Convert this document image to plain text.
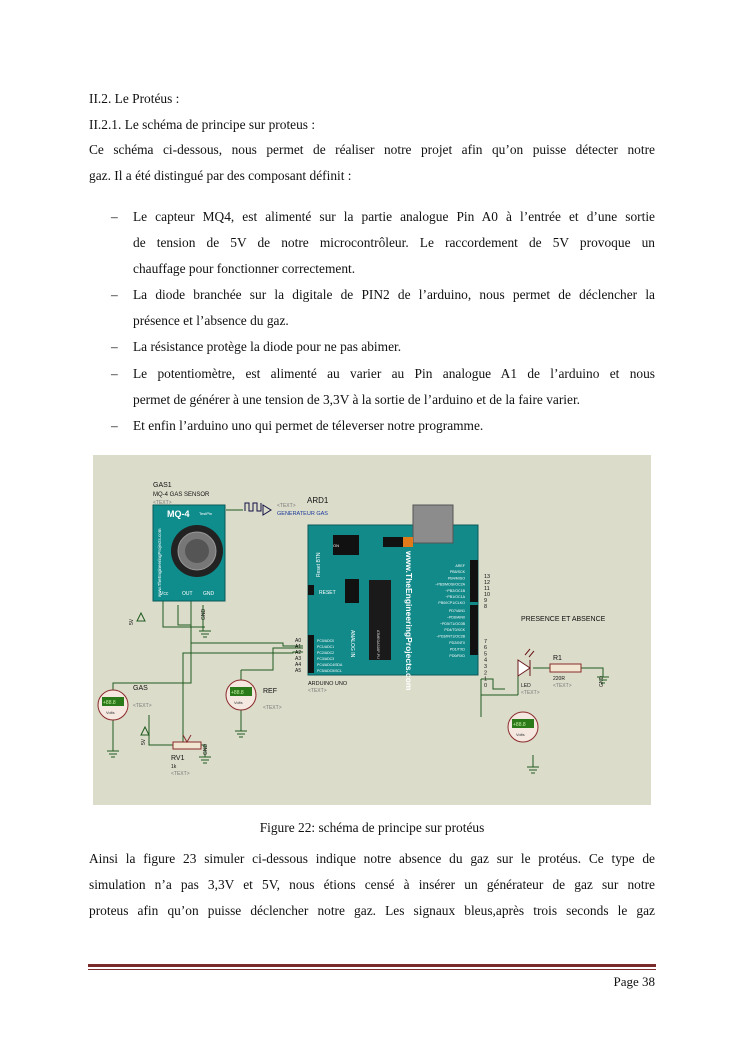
II.2. Le Protéus :
II.2.1. Le schéma de principe sur proteus :
Ce schéma ci-dessous, nous permet de réaliser notre projet afin qu’on puisse détecter notre
gaz. Il a été distingué par des composant définit :
– Le capteur MQ4, est alimenté sur la partie analogue Pin A0 à l’entrée et d’une sortie
de tension de 5V de notre microcontrôleur. Le raccordement de 5V provoque un
chauffage pour fonctionner correctement.
– La diode branchée sur la digitale de PIN2 de l’arduino, nous permet de déclencher la
présence et l’absence du gaz.
– La résistance protège la diode pour ne pas abimer.
– Le potentiomètre, est alimenté au varier au Pin analogue A1 de l’arduino et nous
permet de générer à une tension de 3,3V à la sortie de l’arduino et de la faire varier.
– Et enfin l’arduino uno qui permet de téleverser notre programme.
GAS1
MQ-4 GAS SENSOR
<TEXT>
MQ-4 TestPin
www.TheEngineeringProjects.com
Vcc	OUT GND
5V
GND
<TEXT>
GENERATEUR GAS
ARD1
ON
Reset BTN
RESET
ANALOG IN	ATMEGA328P-PU	www.TheEngineeringProjects.com
ARDUINO UNO
<TEXT>
A0	PC0/ADC0
A1	PC1/ADC1
A2	PC2/ADC2
A3	PC3/ADC3
A4	PC4/ADC4/SDA
A5	PC5/ADC5/SCL
13
12
11
10
9
8
7
6
5
4
3
2
1
0
AREF
PB5/SCK
PB4/MISO
~PB3/MOSI/OC2A
~PB2/OC1B
~PB1/OC1A
PB0/ICP1/CLKO
PD7/AIN1
~PD6/AIN0
~PD5/T1/OC0B
PD4/T0/XCK
~PD3/INT1/OC2B
PD2/INT0
PD1/TXD
PD0/RXD
PRESENCE ET ABSENCE
LED
<TEXT>
R1
220R
<TEXT>	GND
+88.8
Volts
GAS
<TEXT>
+88.8
Volts
REF
<TEXT>
+88.8
Volts
RV1
1k
<TEXT>
GND
5V
Figure 22: schéma de principe sur protéus
Ainsi la figure 23 simuler ci-dessous indique notre absence du gaz sur le protéus. Ce type de
simulation n’a pas 3,3V et 5V, nous étions censé à insérer un générateur de gaz sur notre
proteus afin qu’on puisse déclencher notre gaz. Les signaux bleus,après trois seconds le gaz
Page 38
